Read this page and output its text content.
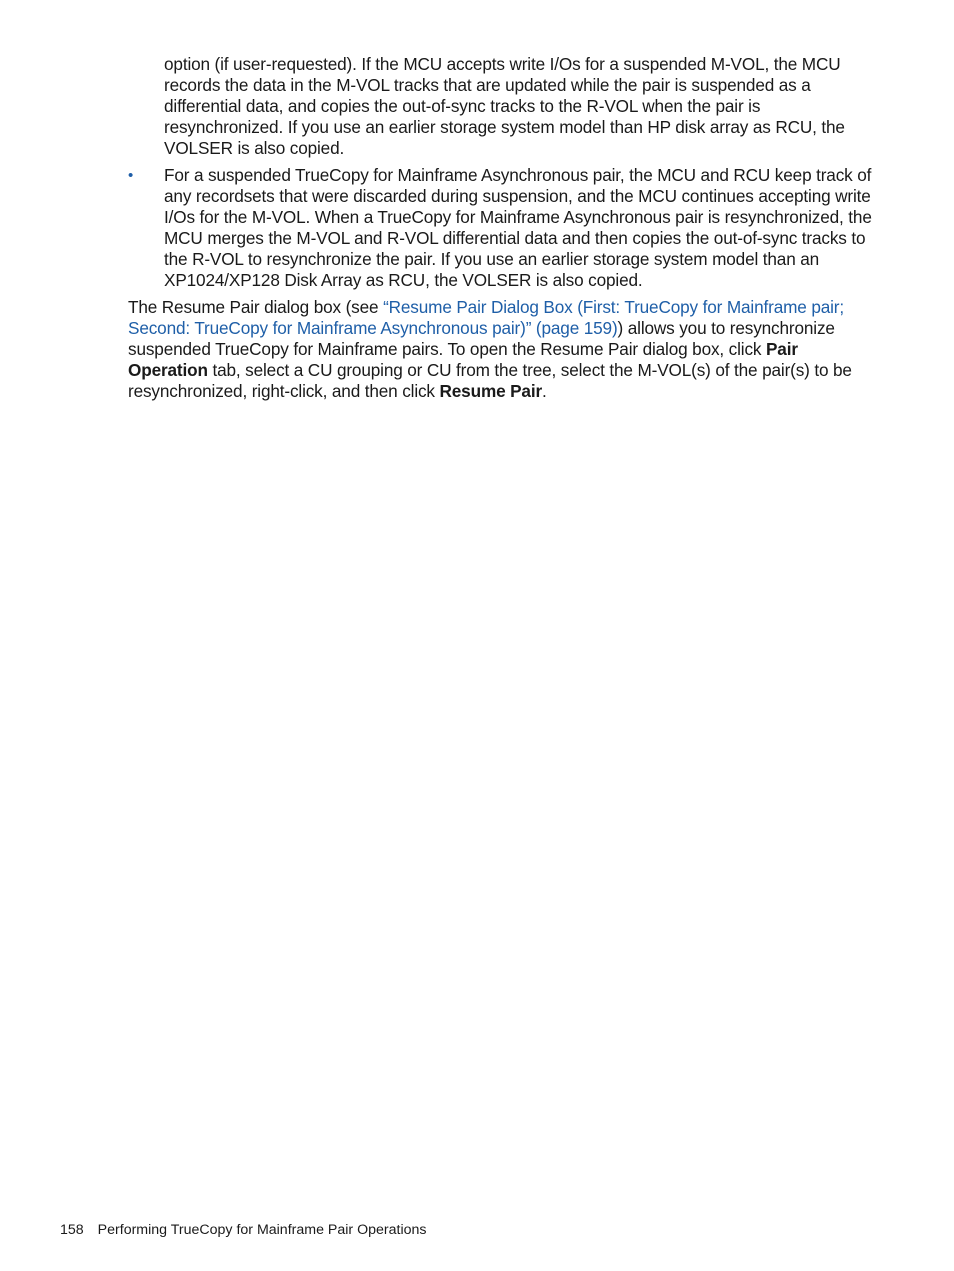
option (if user-requested). If the MCU accepts write I/Os for a suspended M-VOL, the MCU records the data in the M-VOL tracks that are updated while the pair is suspended as a differential data, and copies the out-of-sync tracks to the R-VOL when the pair is resynchronized. If you use an earlier storage system model than HP disk array as RCU, the VOLSER is also copied.

• For a suspended TrueCopy for Mainframe Asynchronous pair, the MCU and RCU keep track of any recordsets that were discarded during suspension, and the MCU continues accepting write I/Os for the M-VOL. When a TrueCopy for Mainframe Asynchronous pair is resynchronized, the MCU merges the M-VOL and R-VOL differential data and then copies the out-of-sync tracks to the R-VOL to resynchronize the pair. If you use an earlier storage system model than an XP1024/XP128 Disk Array as RCU, the VOLSER is also copied.

The Resume Pair dialog box (see “Resume Pair Dialog Box (First: TrueCopy for Mainframe pair; Second: TrueCopy for Mainframe Asynchronous pair)” (page 159)) allows you to resynchronize suspended TrueCopy for Mainframe pairs. To open the Resume Pair dialog box, click Pair Operation tab, select a CU grouping or CU from the tree, select the M-VOL(s) of the pair(s) to be resynchronized, right-click, and then click Resume Pair.

158 Performing TrueCopy for Mainframe Pair Operations
